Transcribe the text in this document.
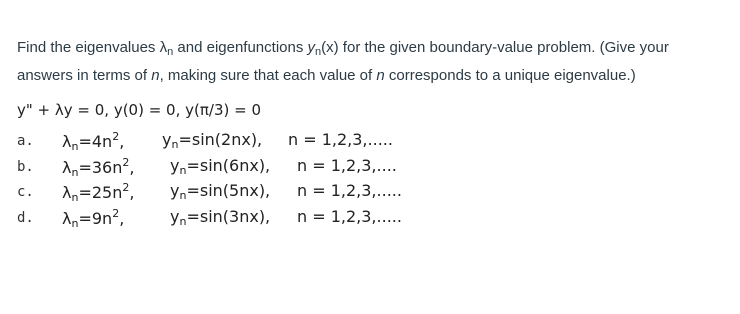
Find the eigenvalues $\lambda_n$ and eigenfunctions $y_n(x)$ for the given boundary-value problem. (Give your answers in terms of n, making sure that each value of n corresponds to a unique eigenvalue.)
y" + λy = 0, y(0) = 0, y(π/3) = 0
a. $\lambda_n=4n^2$, $y_n=\sin(2nx)$, n = 1,2,3,.....
b. $\lambda_n=36n^2$, $y_n=\sin(6nx)$, n = 1,2,3,....
c. $\lambda_n=25n^2$, $y_n=\sin(5nx)$, n = 1,2,3,.....
d. $\lambda_n=9n^2$,	$y_n=\sin(3nx)$, n = 1,2,3,.....
